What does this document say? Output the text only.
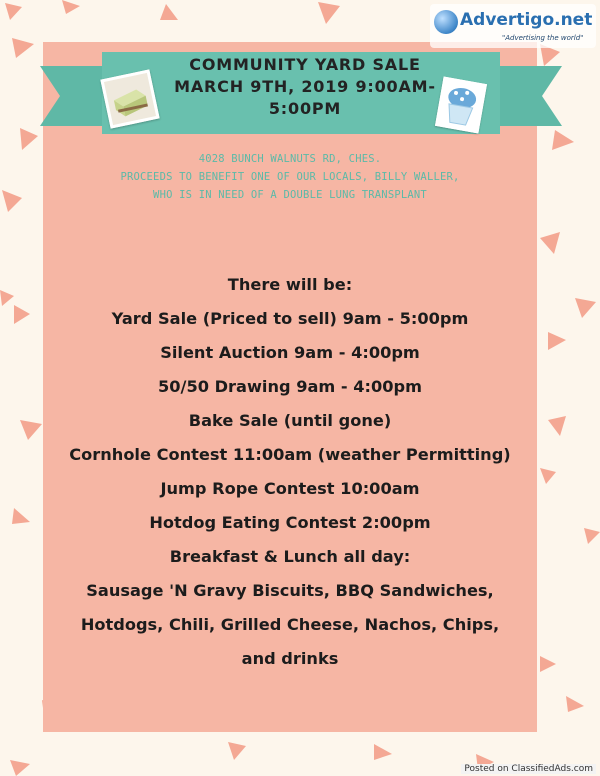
COMMUNITY YARD SALE
MARCH 9TH, 2019 9:00AM-
5:00PM
4028 BUNCH WALNUTS RD, CHES.
PROCEEDS TO BENEFIT ONE OF OUR LOCALS, BILLY WALLER,
WHO IS IN NEED OF A DOUBLE LUNG TRANSPLANT
There will be:
Yard Sale (Priced to sell) 9am - 5:00pm
Silent Auction 9am - 4:00pm
50/50 Drawing 9am - 4:00pm
Bake Sale (until gone)
Cornhole Contest 11:00am (weather Permitting)
Jump Rope Contest 10:00am
Hotdog Eating Contest 2:00pm
Breakfast & Lunch all day:
Sausage 'N Gravy Biscuits, BBQ Sandwiches,
Hotdogs, Chili, Grilled Cheese, Nachos, Chips,
and drinks
Advertigo.net
"Advertising the world"
Posted on ClassifiedAds.com
